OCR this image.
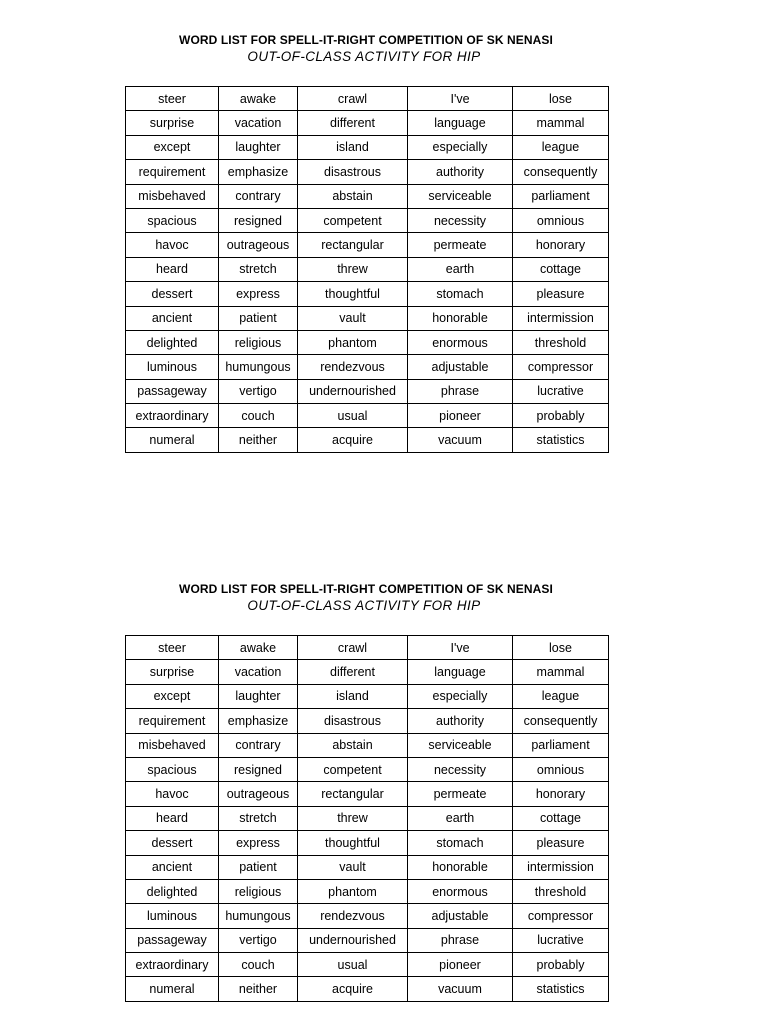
WORD LIST FOR SPELL-IT-RIGHT COMPETITION OF SK NENASI
OUT-OF-CLASS ACTIVITY FOR HIP
steer	awake	crawl	I've	lose
surprise	vacation	different	language	mammal
except	laughter	island	especially	league
requirement	emphasize	disastrous	authority	consequently
misbehaved	contrary	abstain	serviceable	parliament
spacious	resigned	competent	necessity	omnious
havoc	outrageous	rectangular	permeate	honorary
heard	stretch	threw	earth	cottage
dessert	express	thoughtful	stomach	pleasure
ancient	patient	vault	honorable	intermission
delighted	religious	phantom	enormous	threshold
luminous	humungous	rendezvous	adjustable	compressor
passageway	vertigo	undernourished	phrase	lucrative
extraordinary	couch	usual	pioneer	probably
numeral	neither	acquire	vacuum	statistics
WORD LIST FOR SPELL-IT-RIGHT COMPETITION OF SK NENASI
OUT-OF-CLASS ACTIVITY FOR HIP
steer	awake	crawl	I've	lose
surprise	vacation	different	language	mammal
except	laughter	island	especially	league
requirement	emphasize	disastrous	authority	consequently
misbehaved	contrary	abstain	serviceable	parliament
spacious	resigned	competent	necessity	omnious
havoc	outrageous	rectangular	permeate	honorary
heard	stretch	threw	earth	cottage
dessert	express	thoughtful	stomach	pleasure
ancient	patient	vault	honorable	intermission
delighted	religious	phantom	enormous	threshold
luminous	humungous	rendezvous	adjustable	compressor
passageway	vertigo	undernourished	phrase	lucrative
extraordinary	couch	usual	pioneer	probably
numeral	neither	acquire	vacuum	statistics
